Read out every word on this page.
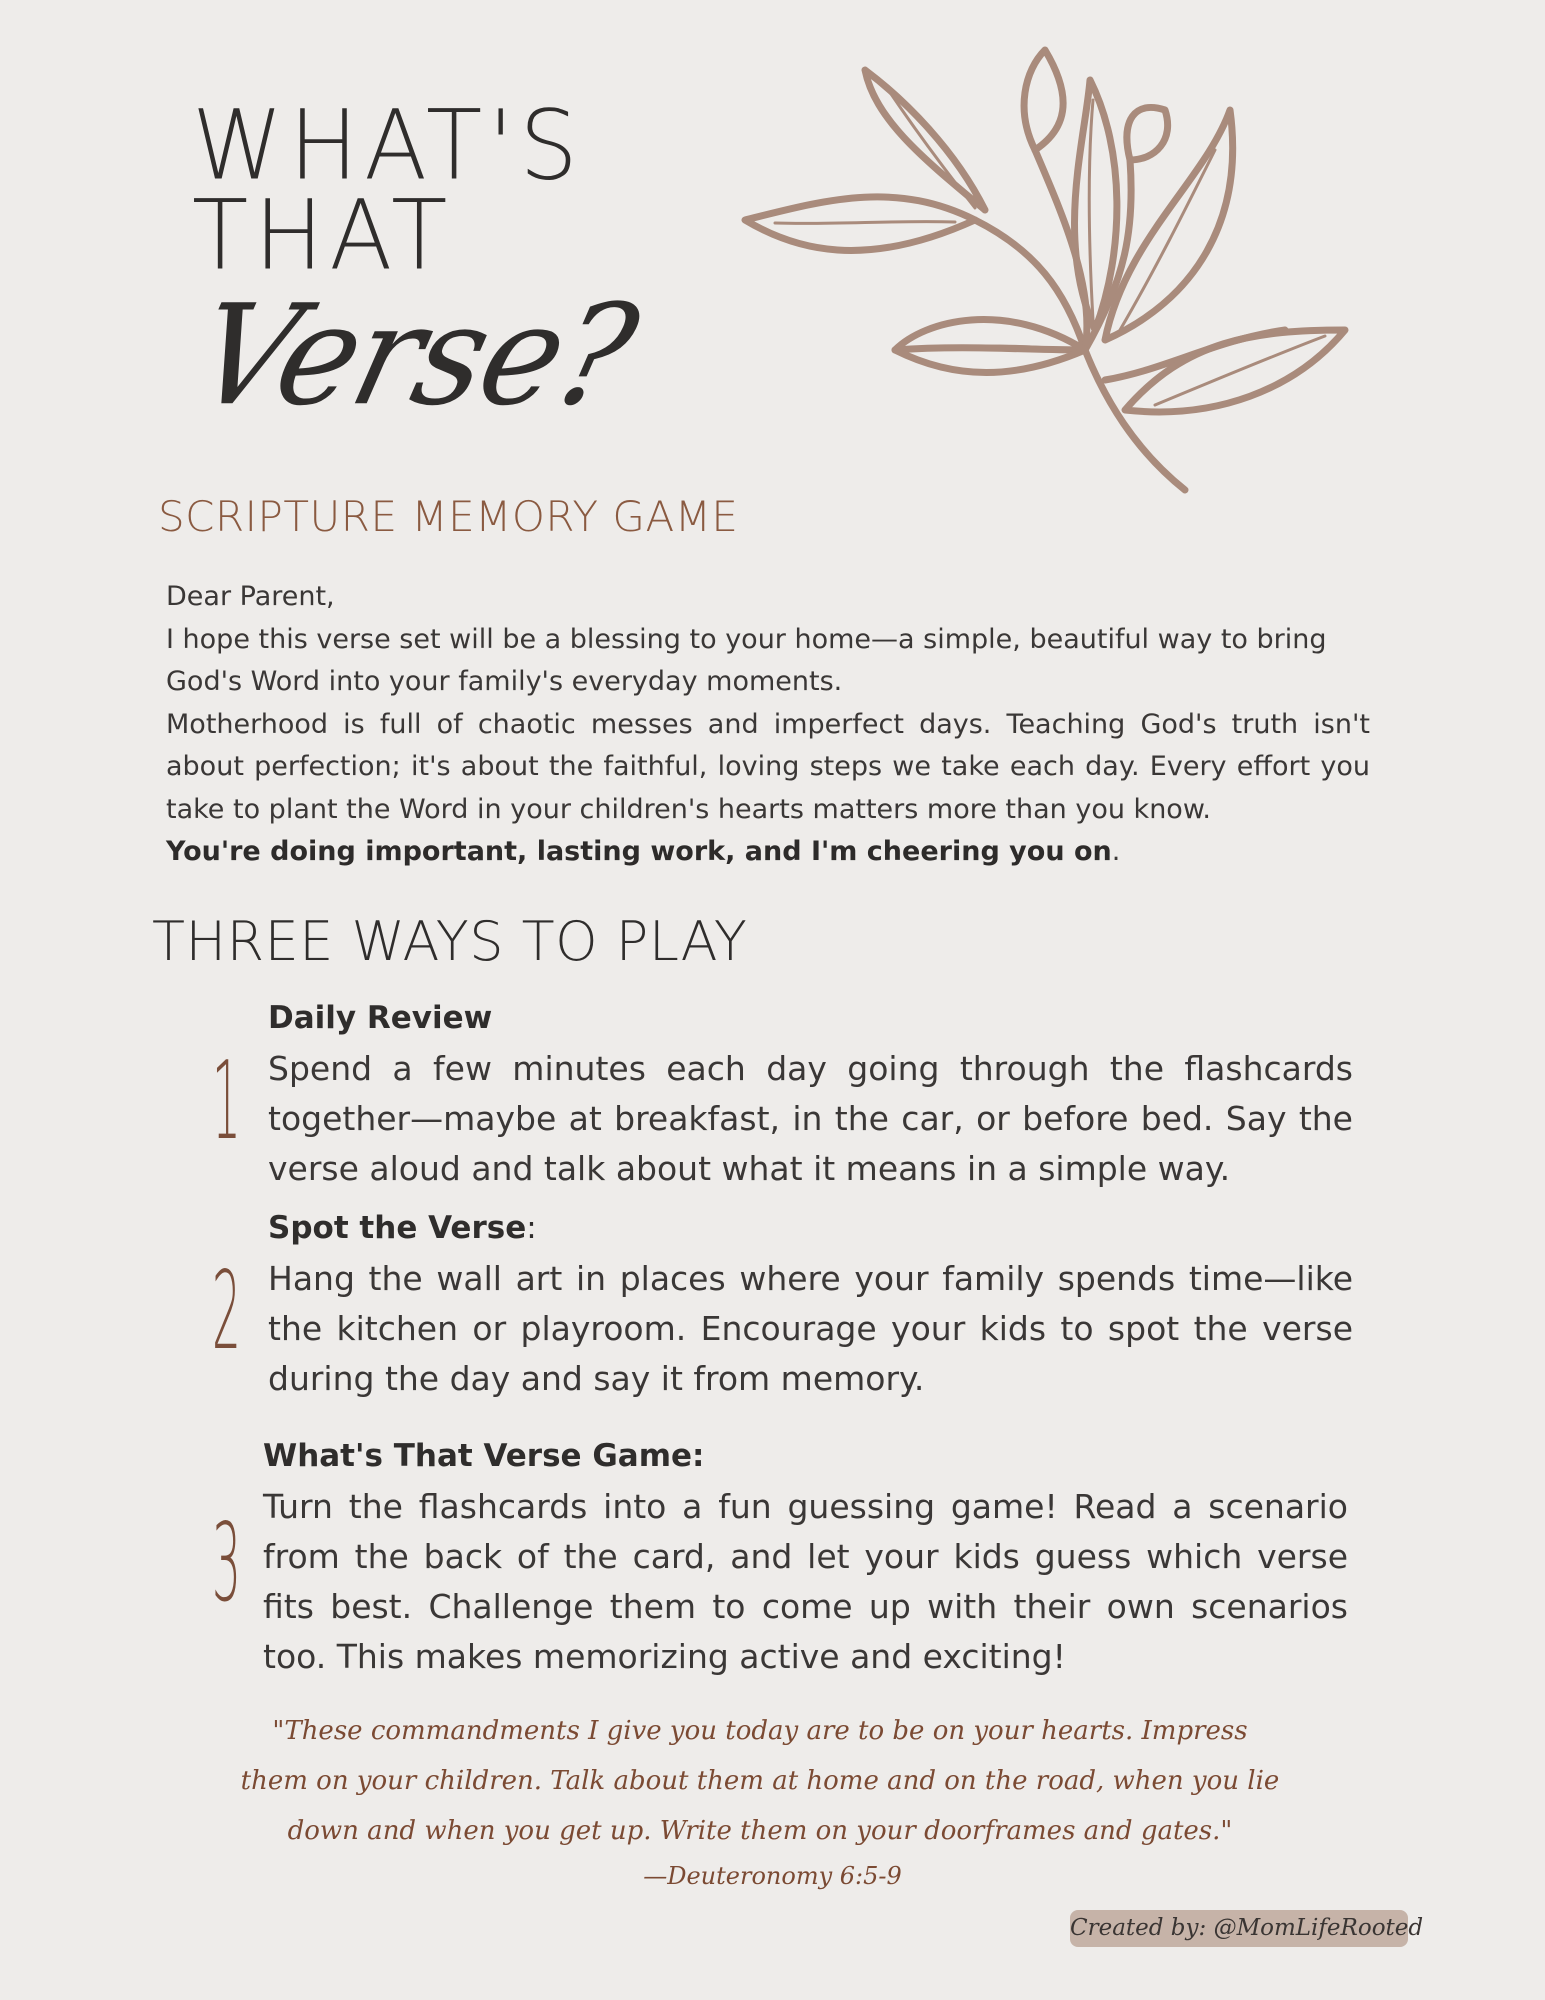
WHAT'S
THAT
Verse?
SCRIPTURE MEMORY GAME

Dear Parent,

I hope this verse set will be a blessing to your home—a simple, beautiful way to bring God's Word into your family's everyday moments.

Motherhood is full of chaotic messes and imperfect days. Teaching God's truth isn't about perfection; it's about the faithful, loving steps we take each day. Every effort you take to plant the Word in your children's hearts matters more than you know.

You're doing important, lasting work, and I'm cheering you on.

THREE WAYS TO PLAY
1

Daily Review

Spend a few minutes each day going through the flashcards together—maybe at breakfast, in the car, or before bed. Say the verse aloud and talk about what it means in a simple way.

2

Spot the Verse:

Hang the wall art in places where your family spends time—like the kitchen or playroom. Encourage your kids to spot the verse during the day and say it from memory.

3

What's That Verse Game:

Turn the flashcards into a fun guessing game! Read a scenario from the back of the card, and let your kids guess which verse fits best. Challenge them to come up with their own scenarios too. This makes memorizing active and exciting!

"These commandments I give you today are to be on your hearts. Impress them on your children. Talk about them at home and on the road, when you lie down and when you get up. Write them on your doorframes and gates."

—Deuteronomy 6:5-9
Created by: @MomLifeRooted
